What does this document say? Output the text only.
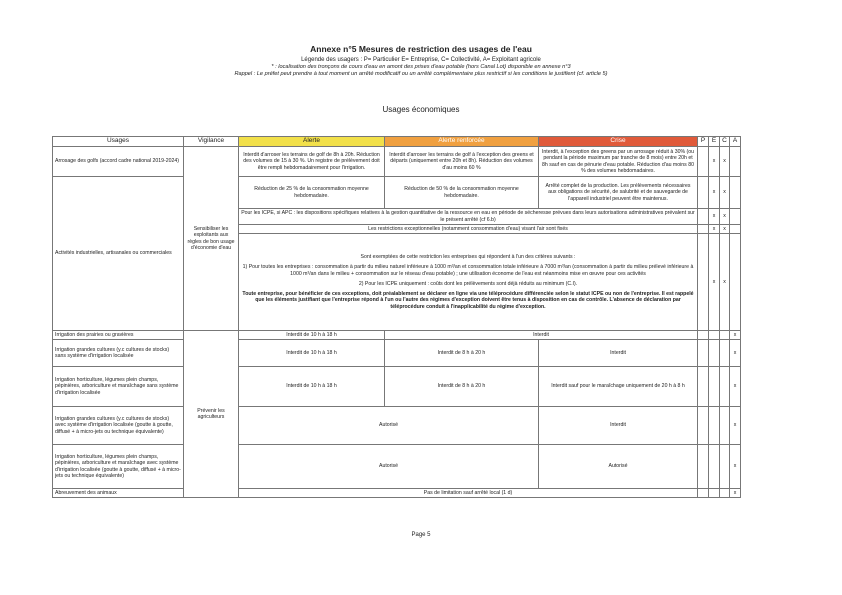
Annexe n°5 Mesures de restriction des usages de l'eau
Légende des usagers : P= Particulier E= Entreprise, C= Collectivité, A= Exploitant agricole
* : localisation des tronçons de cours d'eau en amont des prises d'eau potable (hors Canal Lot) disponible en annexe n°3
Rappel : Le préfet peut prendre à tout moment un arrêté modificatif ou un arrêté complémentaire plus restrictif si les conditions le justifient (cf. article 5)
Usages économiques
Usages	Vigilance	Alerte	Alerte renforcée	Crise	P	E	C	A
Arrosage des golfs (accord cadre national 2019-2024)	Sensibiliser les exploitants aux règles de bon usage d'économie d'eau	Interdit d'arroser les terrains de golf de 8h à 20h. Réduction des volumes de 15 à 30 %. Un registre de prélèvement doit être rempli hebdomadairement pour l'irrigation.	Interdit d'arroser les terrains de golf à l'exception des greens et départs (uniquement entre 20h et 8h). Réduction des volumes d'au moins 60 %	Interdit, à l'exception des greens par un arrosage réduit à 30% (ou pendant la période maximum par tranche de 8 mois) entre 20h et 8h sauf en cas de pénurie d'eau potable. Réduction d'au moins 80 % des volumes hebdomadaires.		x	x	
Activités industrielles, artisanales ou commerciales		Réduction de 25 % de la consommation moyenne hebdomadaire.	Réduction de 50 % de la consommation moyenne hebdomadaire.	Arrêté complet de la production. Les prélèvements nécessaires aux obligations de sécurité, de salubrité et de sauvegarde de l'appareil industriel peuvent être maintenus.		x	x	
		Pour les ICPE, si APC : les dispositions spécifiques relatives à la gestion quantitative de la ressource en eau en période de sécheresse prévues dans leurs autorisations administratives prévalent sur le présent arrêté (cf 6.b)				x	x	
		Les restrictions exceptionnelles (notamment consommation d'eau) visant l'air sont fixés				x	x	

		Sont exemptées de cette restriction les entreprises qui répondent à l'un des critères suivants :
1) Pour toutes les entreprises : consommation à partir du milieu naturel inférieure à 1000 m³/an et consommation totale inférieure à 7000 m³/an (consommation à partir du milieu prélevé inférieure à 1000 m³/an dans le milieu + consommation sur le réseau d'eau potable) ; une utilisation économe de l'eau est néanmoins mise en œuvre pour ces activités
2) Pour les ICPE uniquement : coûts dont les prélèvements sont déjà réduits au minimum (C.I).
Toute entreprise, pour bénéficier de ces exceptions, doit préalablement se déclarer en ligne via une téléprocédure différenciée selon le statut ICPE ou non de l'entreprise. Il est rappelé que les éléments justifiant que l'entreprise répond à l'un ou l'autre des régimes d'exception doivent être tenus à disposition en cas de contrôle. L'absence de déclaration par téléprocédure conduit à l'inapplicabilité du régime d'exception.				x	x	
Irrigation des prairies ou gravières	Prévenir les agriculteurs	Interdit de 10 h à 18 h	Interdit					x
Irrigation grandes cultures (y.c cultures de stocks) sans système d'irrigation localisée		Interdit de 10 h à 18 h	Interdit de 8 h à 20 h	Interdit				x
Irrigation horticulture, légumes plein champs, pépinières, arboriculture et maraîchage sans système d'irrigation localisée		Interdit de 10 h à 18 h	Interdit de 8 h à 20 h	Interdit sauf pour le maraîchage uniquement de 20 h à 8 h				x
Irrigation grandes cultures (y.c cultures de stocks) avec système d'irrigation localisée (goutte à goutte, diffusé + à micro-jets ou technique équivalente)		Autorisé		Interdit				x
Irrigation horticulture, légumes plein champs, pépinières, arboriculture et maraîchage avec système d'irrigation localisée (goutte à goutte, diffusé + à micro-jets ou technique équivalente)		Autorisé		Autorisé				x
Abreuvement des animaux		Pas de limitation sauf arrêté local (1 d)						x
Page 5
